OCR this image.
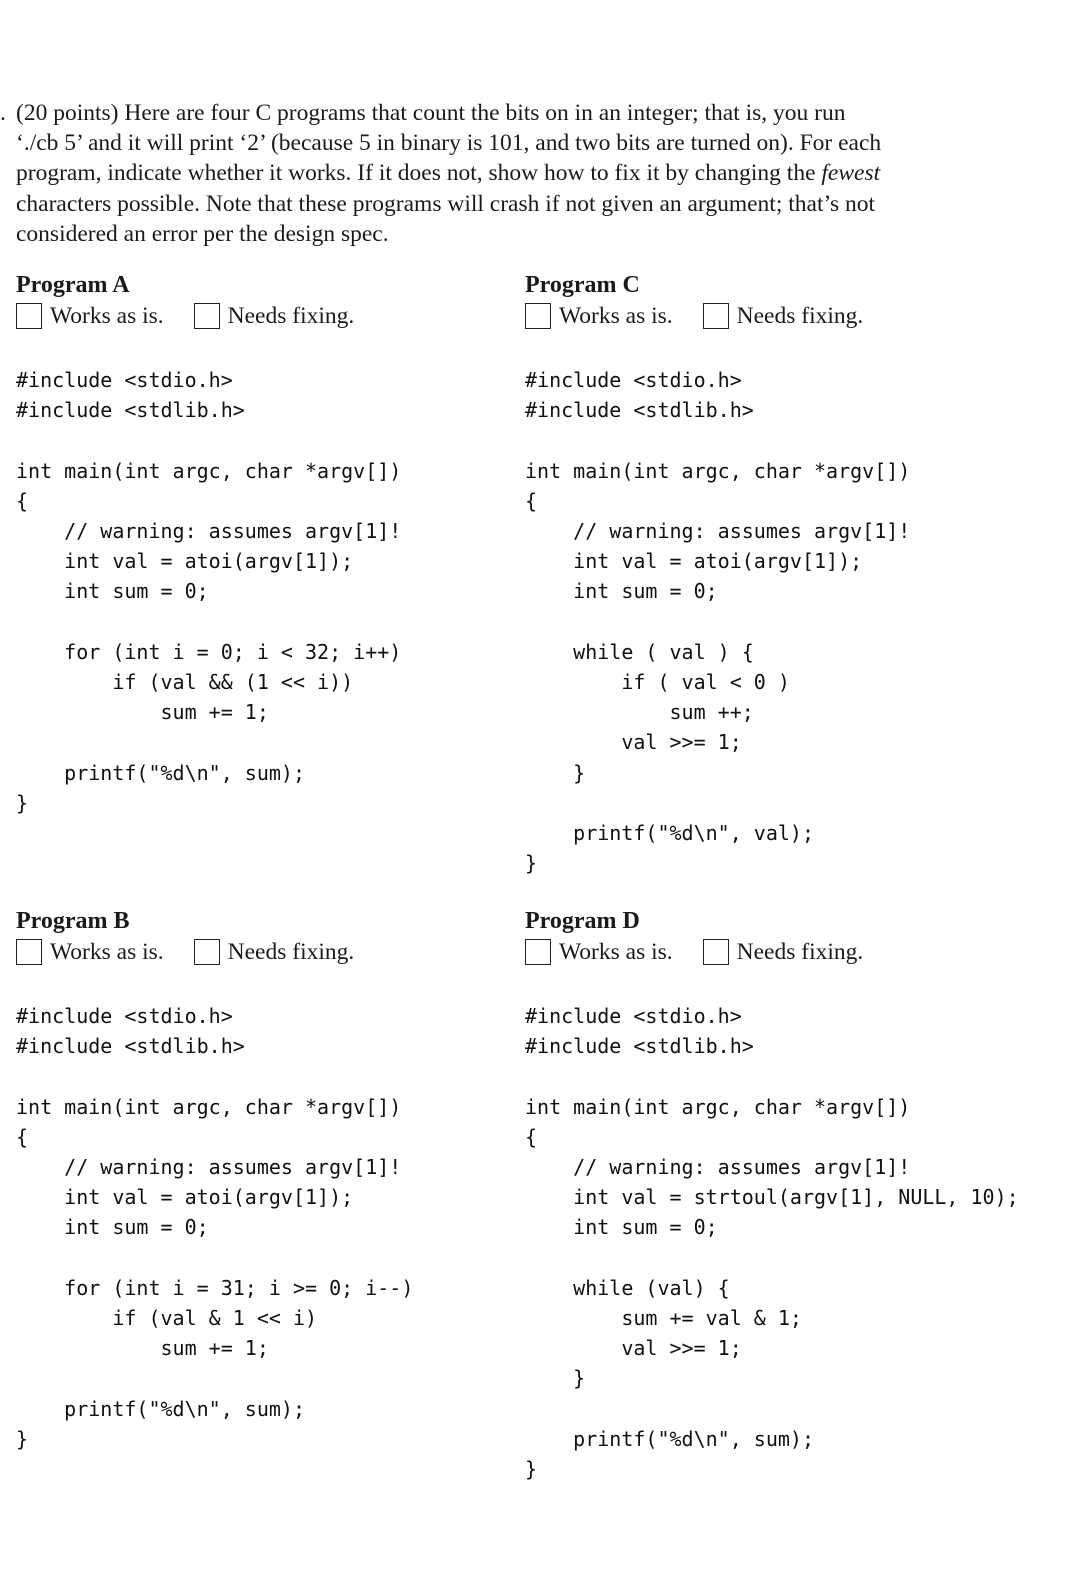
. (20 points) Here are four C programs that count the bits on in an integer; that is, you run
‘./cb 5’ and it will print ‘2’ (because 5 in binary is 101, and two bits are turned on). For each
program, indicate whether it works. If it does not, show how to fix it by changing the fewest
characters possible. Note that these programs will crash if not given an argument; that’s not
considered an error per the design spec.
Program A
Works as is.	Needs fixing.
#include <stdio.h>
#include <stdlib.h>

int main(int argc, char *argv[])
{
// warning: assumes argv[1]!
int val = atoi(argv[1]);
int sum = 0;

for (int i = 0; i < 32; i++)
if (val && (1 << i))
sum += 1;

printf("%d\n", sum);
}
Program C
Works as is.	Needs fixing.
#include <stdio.h>
#include <stdlib.h>

int main(int argc, char *argv[])
{
// warning: assumes argv[1]!
int val = atoi(argv[1]);
int sum = 0;

while ( val ) {
if ( val < 0 )
sum ++;
val >>= 1;
}

printf("%d\n", val);
}
Program B
Works as is.	Needs fixing.
#include <stdio.h>
#include <stdlib.h>

int main(int argc, char *argv[])
{
// warning: assumes argv[1]!
int val = atoi(argv[1]);
int sum = 0;

for (int i = 31; i >= 0; i--)
if (val & 1 << i)
sum += 1;

printf("%d\n", sum);
}
Program D
Works as is.	Needs fixing.
#include <stdio.h>
#include <stdlib.h>

int main(int argc, char *argv[])
{
// warning: assumes argv[1]!
int val = strtoul(argv[1], NULL, 10);
int sum = 0;

while (val) {
sum += val & 1;
val >>= 1;
}

printf("%d\n", sum);
}
